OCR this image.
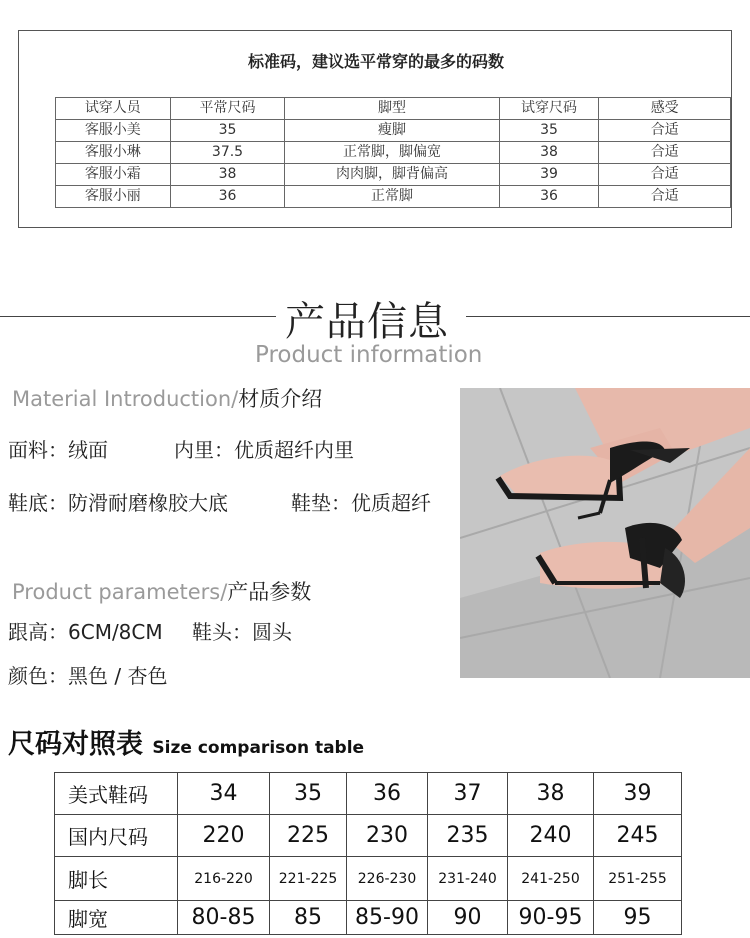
标准码，建议选平常穿的最多的码数
试穿人员	平常尺码	脚型	试穿尺码	感受
客服小美	35	瘦脚	35	合适
客服小琳	37.5	正常脚，脚偏宽	38	合适
客服小霜	38	肉肉脚，脚背偏高	39	合适
客服小丽	36	正常脚	36	合适
产品信息
Product information
Material Introduction/材质介绍
面料：绒面	内里：优质超纤内里
鞋底：防滑耐磨橡胶大底	鞋垫：优质超纤
Product parameters/产品参数
跟高：6CM/8CM 鞋头：圆头
颜色：黑色 / 杏色
尺码对照表 Size comparison table
美式鞋码	34	35	36	37	38	39
国内尺码	220	225	230	235	240	245
脚长	216-220	221-225	226-230	231-240	241-250	251-255
脚宽	80-85	85	85-90	90	90-95	95
